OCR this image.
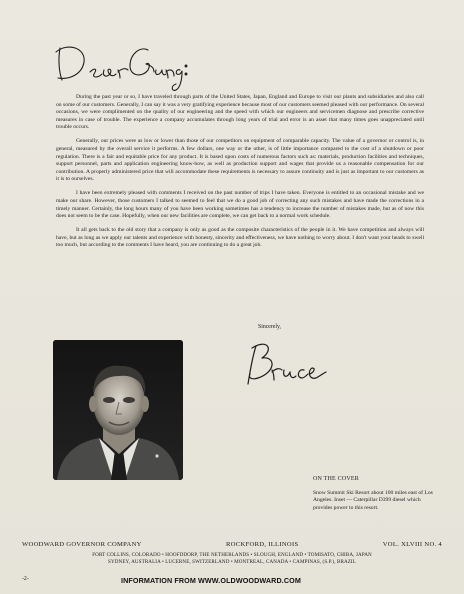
During the past year or so, I have traveled through parts of the United States, Japan, England and Europe to visit our plants and subsidiaries and also call on some of our customers. Generally, I can say it was a very gratifying experience because most of our customers seemed pleased with our performance. On several occasions, we were complimented on the quality of our engineering and the speed with which our engineers and servicemen diagnose and prescribe corrective measures in case of trouble. The experience a company accumulates through long years of trial and error is an asset that many times goes unappreciated until trouble occurs.

Generally, our prices were as low or lower than those of our competitors on equipment of comparable capacity. The value of a governor or control is, in general, measured by the overall service it performs. A few dollars, one way or the other, is of little importance compared to the cost of a shutdown or poor regulation. There is a fair and equitable price for any product. It is based upon costs of numerous factors such as: materials, production facilities and techniques, support personnel, parts and application engineering know-how, as well as production support and wages that provide us a reasonable compensation for our contribution. A properly administered price that will accommodate these requirements is necessary to assure continuity and is just as important to our customers as it is to ourselves.

I have been extremely pleased with comments I received on the past number of trips I have taken. Everyone is entitled to an occasional mistake and we make our share. However, those customers I talked to seemed to feel that we do a good job of correcting any such mistakes and have made the corrections in a timely manner. Certainly, the long hours many of you have been working sometimes has a tendency to increase the number of mistakes made, but as of now this does not seem to be the case. Hopefully, when our new facilities are complete, we can get back to a normal work schedule.

It all gets back to the old story that a company is only as good as the composite characteristics of the people in it. We have competition and always will have, but as long as we apply our talents and experience with honesty, sincerity and effectiveness, we have nothing to worry about. I don't want your heads to swell too much, but according to the comments I have heard, you are continuing to do a great job.

Sincerely,
ON THE COVER
Snow Summit Ski Resort about 100 miles east of Los Angeles. Inset — Caterpillar D399 diesel which provides power to this resort.
WOODWARD GOVERNOR COMPANY	ROCKFORD, ILLINOIS	VOL. XLVIII NO. 4
FORT COLLINS, COLORADO • HOOFDDORP, THE NETHERLANDS • SLOUGH, ENGLAND • TOMISATO, CHIBA, JAPAN
SYDNEY, AUSTRALIA • LUCERNE, SWITZERLAND • MONTREAL, CANADA • CAMPINAS, (S.P.), BRAZIL
-2-	INFORMATION FROM WWW.OLDWOODWARD.COM
